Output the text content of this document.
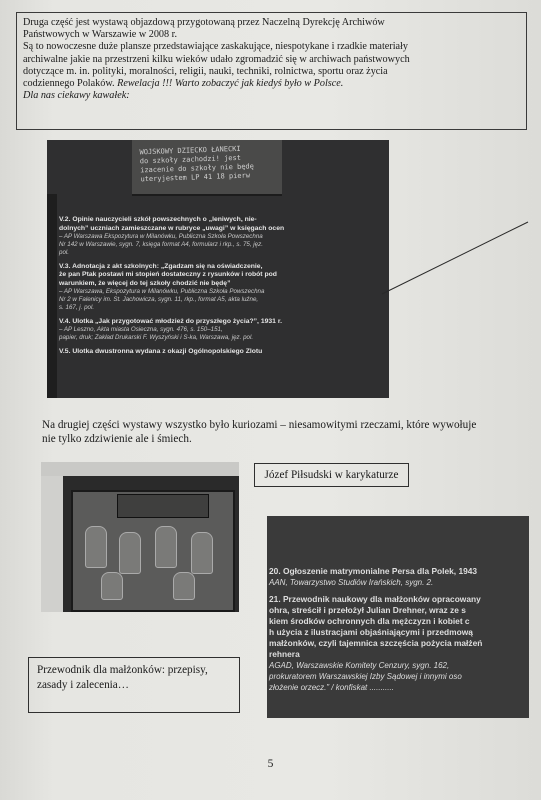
Druga część jest wystawą objazdową przygotowaną przez Naczelną Dyrekcję Archiwów

Państwowych w Warszawie w 2008 r.

Są to nowoczesne duże plansze przedstawiające zaskakujące, niespotykane i rzadkie materiały

archiwalne jakie na przestrzeni kilku wieków udało zgromadzić się w archiwach państwowych

dotyczące m. in. polityki, moralności, religii, nauki, techniki, rolnictwa, sportu oraz życia

codziennego Polaków. Rewelacja !!! Warto zobaczyć jak kiedyś było w Polsce.

Dla nas ciekawy kawałek:

WOJSKOWY DZIECKO ŁANECKI
do szkoły zachodzi! jest
izacenie do szkoły nie będę
uteryjestem LP 41 18 pierw
V.2. Opinie nauczycieli szkół powszechnych o „leniwych, nie-
dolnych” uczniach zamieszczane w rubryce „uwagi” w księgach ocen
– AP Warszawa Ekspozytura w Milanówku, Publiczna Szkoła Powszechna
Nr 142 w Warszawie, sygn. 7, księga format A4, formularz i rkp., s. 75, jęz.
pol.
V.3. Adnotacja z akt szkolnych: „Zgadzam się na oświadczenie,
że pan Ptak postawi mi stopień dostateczny z rysunków i robót pod
warunkiem, że więcej do tej szkoły chodzić nie będę”
– AP Warszawa, Ekspozytura w Milanówku, Publiczna Szkoła Powszechna
Nr 2 w Falenicy im. St. Jachowicza, sygn. 11, rkp., format A5, akta luźne,
s. 167, j. pol.
V.4. Ulotka „Jak przygotować młodzież do przyszłego życia?”, 1931 r.
– AP Leszno, Akta miasta Osieczna, sygn. 476, s. 150–151,
papier, druk; Zakład Drukarski F. Wyszyński i S-ka, Warszawa, jęz. pol.
V.5. Ulotka dwustronna wydana z okazji Ogólnopolskiego Zlotu
Na drugiej części wystawy wszystko było kuriozami – niesamowitymi rzeczami, które wywołuje
nie tylko zdziwienie ale i śmiech.
Józef Piłsudski w karykaturze
20. Ogłoszenie matrymonialne Persa dla Polek, 1943
AAN, Towarzystwo Studiów Irańskich, sygn. 2.
21. Przewodnik naukowy dla małżonków opracowany
ohra, streścił i przełożył Julian Drehner, wraz ze s
kiem środków ochronnych dla mężczyzn i kobiet c
h użycia z ilustracjami objaśniającymi i przedmową
małżonków, czyli tajemnica szczęścia pożycia małżeń
rehnera
AGAD, Warszawskie Komitety Cenzury, sygn. 162,
prokuratorem Warszawskiej Izby Sądowej i innymi oso
złożenie orzecz.” / konfiskat ...........
Przewodnik dla małżonków: przepisy,
zasady i zalecenia…
5
